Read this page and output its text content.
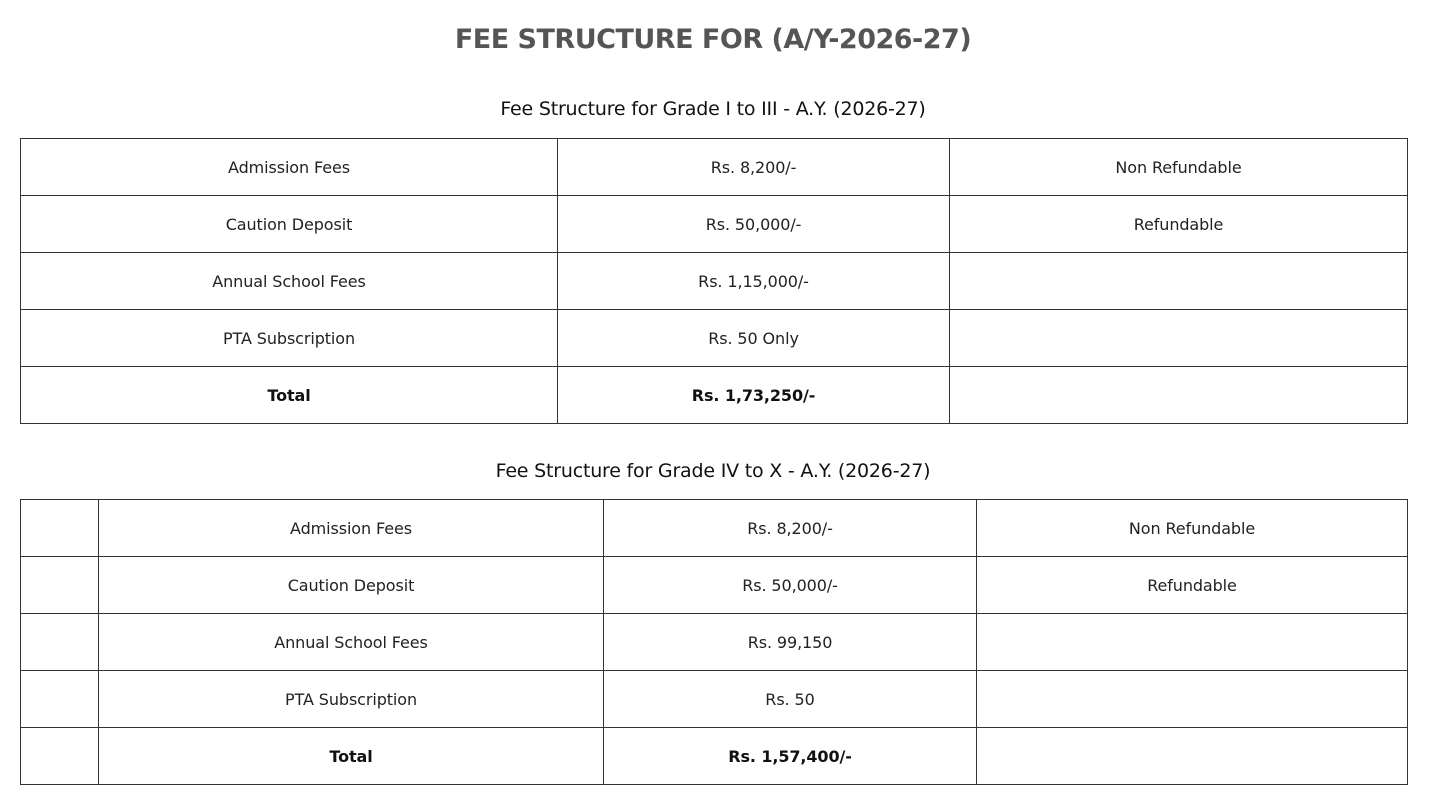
FEE STRUCTURE FOR (A/Y-2026-27)
Fee Structure for Grade I to III - A.Y. (2026-27)
Admission Fees	Rs. 8,200/-	Non Refundable
Caution Deposit	Rs. 50,000/-	Refundable
Annual School Fees	Rs. 1,15,000/-	
PTA Subscription	Rs. 50 Only	
Total	Rs. 1,73,250/-	
Fee Structure for Grade IV to X - A.Y. (2026-27)
	Admission Fees	Rs. 8,200/-	Non Refundable
	Caution Deposit	Rs. 50,000/-	Refundable
	Annual School Fees	Rs. 99,150	
	PTA Subscription	Rs. 50	
	Total	Rs. 1,57,400/-	
